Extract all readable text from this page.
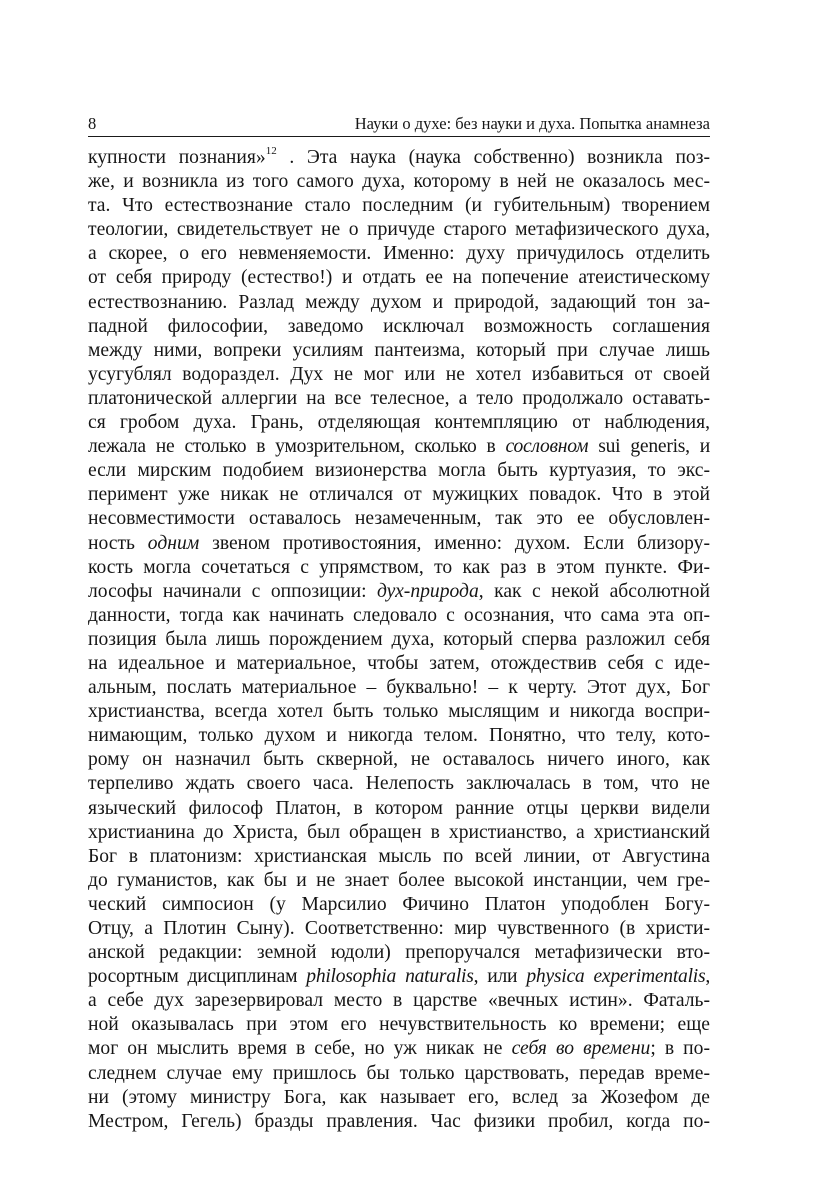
8	Науки о духе: без науки и духа. Попытка анамнеза

купности познания»$^{12}$ . Эта наука (наука собственно) возникла поз-

же, и возникла из того самого духа, которому в ней не оказалось мес-

та. Что естествознание стало последним (и губительным) творением

теологии, свидетельствует не о причуде старого метафизического духа,

а скорее, о его невменяемости. Именно: духу причудилось отделить

от себя природу (естество!) и отдать ее на попечение атеистическому

естествознанию. Разлад между духом и природой, задающий тон за-

падной философии, заведомо исключал возможность соглашения

между ними, вопреки усилиям пантеизма, который при случае лишь

усугублял водораздел. Дух не мог или не хотел избавиться от своей

платонической аллергии на все телесное, а тело продолжало оставать-

ся гробом духа. Грань, отделяющая контемпляцию от наблюдения,

лежала не столько в умозрительном, сколько в сословном sui generis, и

если мирским подобием визионерства могла быть куртуазия, то экс-

перимент уже никак не отличался от мужицких повадок. Что в этой

несовместимости оставалось незамеченным, так это ее обусловлен-

ность одним звеном противостояния, именно: духом. Если близору-

кость могла сочетаться с упрямством, то как раз в этом пункте. Фи-

лософы начинали с оппозиции: дух-природа, как с некой абсолютной

данности, тогда как начинать следовало с осознания, что сама эта оп-

позиция была лишь порождением духа, который сперва разложил себя

на идеальное и материальное, чтобы затем, отождествив себя с иде-

альным, послать материальное – буквально! – к черту. Этот дух, Бог

христианства, всегда хотел быть только мыслящим и никогда воспри-

нимающим, только духом и никогда телом. Понятно, что телу, кото-

рому он назначил быть скверной, не оставалось ничего иного, как

терпеливо ждать своего часа. Нелепость заключалась в том, что не

языческий философ Платон, в котором ранние отцы церкви видели

христианина до Христа, был обращен в христианство, а христианский

Бог в платонизм: христианская мысль по всей линии, от Августина

до гуманистов, как бы и не знает более высокой инстанции, чем гре-

ческий симпосион (у Марсилио Фичино Платон уподоблен Богу-

Отцу, а Плотин Сыну). Соответственно: мир чувственного (в христи-

анской редакции: земной юдоли) препоручался метафизически вто-

росортным дисциплинам philosophia naturalis, или physica experimentalis,

а себе дух зарезервировал место в царстве «вечных истин». Фаталь-

ной оказывалась при этом его нечувствительность ко времени; еще

мог он мыслить время в себе, но уж никак не себя во времени; в по-

следнем случае ему пришлось бы только царствовать, передав време-

ни (этому министру Бога, как называет его, вслед за Жозефом де

Местром, Гегель) бразды правления. Час физики пробил, когда по-
